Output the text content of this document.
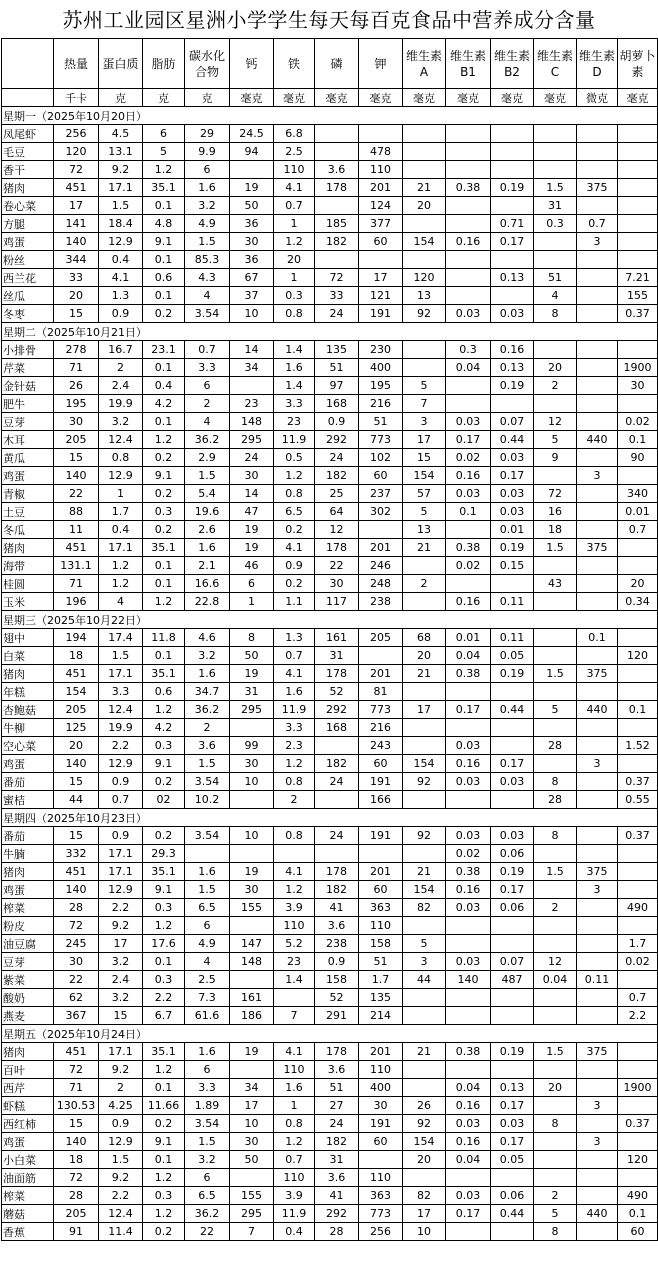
苏州工业园区星洲小学学生每天每百克食品中营养成分含量
	热量	蛋白质	脂肪	碳水化合物	钙	铁	磷	钾	维生素A	维生素B1	维生素B2	维生素C	维生素D	胡萝卜素
	千卡	克	克	克	毫克	毫克	毫克	毫克	毫克	毫克	毫克	毫克	微克	毫克
星期一（2025年10月20日）														
凤尾虾	256	4.5	6	29	24.5	6.8								
毛豆	120	13.1	5	9.9	94	2.5		478						
香干	72	9.2	1.2	6		110	3.6	110						
猪肉	451	17.1	35.1	1.6	19	4.1	178	201	21	0.38	0.19	1.5	375	
卷心菜	17	1.5	0.1	3.2	50	0.7		124	20			31		
方腿	141	18.4	4.8	4.9	36	1	185	377			0.71	0.3	0.7	
鸡蛋	140	12.9	9.1	1.5	30	1.2	182	60	154	0.16	0.17		3	
粉丝	344	0.4	0.1	85.3	36	20								
西兰花	33	4.1	0.6	4.3	67	1	72	17	120		0.13	51		7.21
丝瓜	20	1.3	0.1	4	37	0.3	33	121	13			4		155
冬枣	15	0.9	0.2	3.54	10	0.8	24	191	92	0.03	0.03	8		0.37
星期二（2025年10月21日）														
小排骨	278	16.7	23.1	0.7	14	1.4	135	230		0.3	0.16			
芹菜	71	2	0.1	3.3	34	1.6	51	400		0.04	0.13	20		1900
金针菇	26	2.4	0.4	6		1.4	97	195	5		0.19	2		30
肥牛	195	19.9	4.2	2	23	3.3	168	216	7					
豆芽	30	3.2	0.1	4	148	23	0.9	51	3	0.03	0.07	12		0.02
木耳	205	12.4	1.2	36.2	295	11.9	292	773	17	0.17	0.44	5	440	0.1
黄瓜	15	0.8	0.2	2.9	24	0.5	24	102	15	0.02	0.03	9		90
鸡蛋	140	12.9	9.1	1.5	30	1.2	182	60	154	0.16	0.17		3	
青椒	22	1	0.2	5.4	14	0.8	25	237	57	0.03	0.03	72		340
土豆	88	1.7	0.3	19.6	47	6.5	64	302	5	0.1	0.03	16		0.01
冬瓜	11	0.4	0.2	2.6	19	0.2	12		13		0.01	18		0.7
猪肉	451	17.1	35.1	1.6	19	4.1	178	201	21	0.38	0.19	1.5	375	
海带	131.1	1.2	0.1	2.1	46	0.9	22	246		0.02	0.15			
桂圆	71	1.2	0.1	16.6	6	0.2	30	248	2			43		20
玉米	196	4	1.2	22.8	1	1.1	117	238		0.16	0.11			0.34
星期三（2025年10月22日）														
翅中	194	17.4	11.8	4.6	8	1.3	161	205	68	0.01	0.11		0.1	
白菜	18	1.5	0.1	3.2	50	0.7	31		20	0.04	0.05			120
猪肉	451	17.1	35.1	1.6	19	4.1	178	201	21	0.38	0.19	1.5	375	
年糕	154	3.3	0.6	34.7	31	1.6	52	81						
杏鲍菇	205	12.4	1.2	36.2	295	11.9	292	773	17	0.17	0.44	5	440	0.1
牛柳	125	19.9	4.2	2		3.3	168	216						
空心菜	20	2.2	0.3	3.6	99	2.3		243		0.03		28		1.52
鸡蛋	140	12.9	9.1	1.5	30	1.2	182	60	154	0.16	0.17		3	
番茄	15	0.9	0.2	3.54	10	0.8	24	191	92	0.03	0.03	8		0.37
蜜桔	44	0.7	02	10.2		2		166				28		0.55
星期四（2025年10月23日）														
番茄	15	0.9	0.2	3.54	10	0.8	24	191	92	0.03	0.03	8		0.37
牛腩	332	17.1	29.3							0.02	0.06			
猪肉	451	17.1	35.1	1.6	19	4.1	178	201	21	0.38	0.19	1.5	375	
鸡蛋	140	12.9	9.1	1.5	30	1.2	182	60	154	0.16	0.17		3	
榨菜	28	2.2	0.3	6.5	155	3.9	41	363	82	0.03	0.06	2		490
粉皮	72	9.2	1.2	6		110	3.6	110						
油豆腐	245	17	17.6	4.9	147	5.2	238	158	5					1.7
豆芽	30	3.2	0.1	4	148	23	0.9	51	3	0.03	0.07	12		0.02
紫菜	22	2.4	0.3	2.5		1.4	158	1.7	44	140	487	0.04	0.11	
酸奶	62	3.2	2.2	7.3	161		52	135						0.7
燕麦	367	15	6.7	61.6	186	7	291	214						2.2
星期五（2025年10月24日）														
猪肉	451	17.1	35.1	1.6	19	4.1	178	201	21	0.38	0.19	1.5	375	
百叶	72	9.2	1.2	6		110	3.6	110						
西芹	71	2	0.1	3.3	34	1.6	51	400		0.04	0.13	20		1900
虾糕	130.53	4.25	11.66	1.89	17	1	27	30	26	0.16	0.17		3	
西红柿	15	0.9	0.2	3.54	10	0.8	24	191	92	0.03	0.03	8		0.37
鸡蛋	140	12.9	9.1	1.5	30	1.2	182	60	154	0.16	0.17		3	
小白菜	18	1.5	0.1	3.2	50	0.7	31		20	0.04	0.05			120
油面筋	72	9.2	1.2	6		110	3.6	110						
榨菜	28	2.2	0.3	6.5	155	3.9	41	363	82	0.03	0.06	2		490
蘑菇	205	12.4	1.2	36.2	295	11.9	292	773	17	0.17	0.44	5	440	0.1
香蕉	91	11.4	0.2	22	7	0.4	28	256	10			8		60
